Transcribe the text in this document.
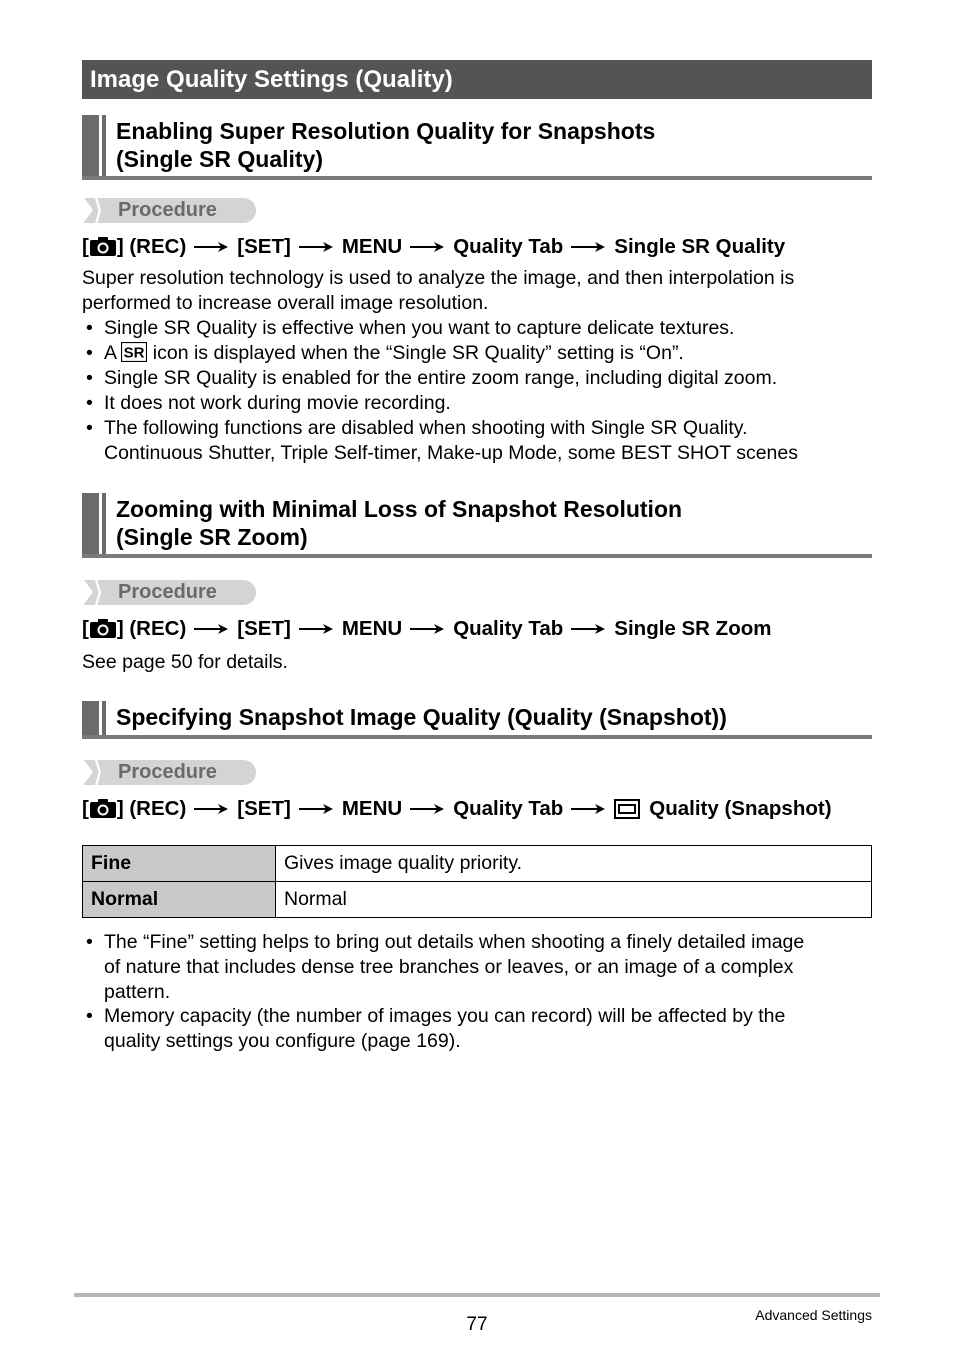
Image Quality Settings (Quality)
Enabling Super Resolution Quality for Snapshots
(Single SR Quality)
Procedure
[ ] (REC) [SET] MENU Quality Tab Single SR Quality
Super resolution technology is used to analyze the image, and then interpolation is
performed to increase overall image resolution.
• Single SR Quality is effective when you want to capture delicate textures.
• A SR icon is displayed when the “Single SR Quality” setting is “On”.
• Single SR Quality is enabled for the entire zoom range, including digital zoom.
• It does not work during movie recording.
• The following functions are disabled when shooting with Single SR Quality.
Continuous Shutter, Triple Self-timer, Make-up Mode, some BEST SHOT scenes
Zooming with Minimal Loss of Snapshot Resolution
(Single SR Zoom)
Procedure
[ ] (REC) [SET] MENU Quality Tab Single SR Zoom
See page 50 for details.
Specifying Snapshot Image Quality (Quality (Snapshot))
Procedure
[ ] (REC) [SET] MENU Quality Tab	Quality (Snapshot)
Fine	Gives image quality priority.
Normal	Normal
• The “Fine” setting helps to bring out details when shooting a finely detailed image
of nature that includes dense tree branches or leaves, or an image of a complex
pattern.
• Memory capacity (the number of images you can record) will be affected by the
quality settings you configure (page 169).
77	Advanced Settings
